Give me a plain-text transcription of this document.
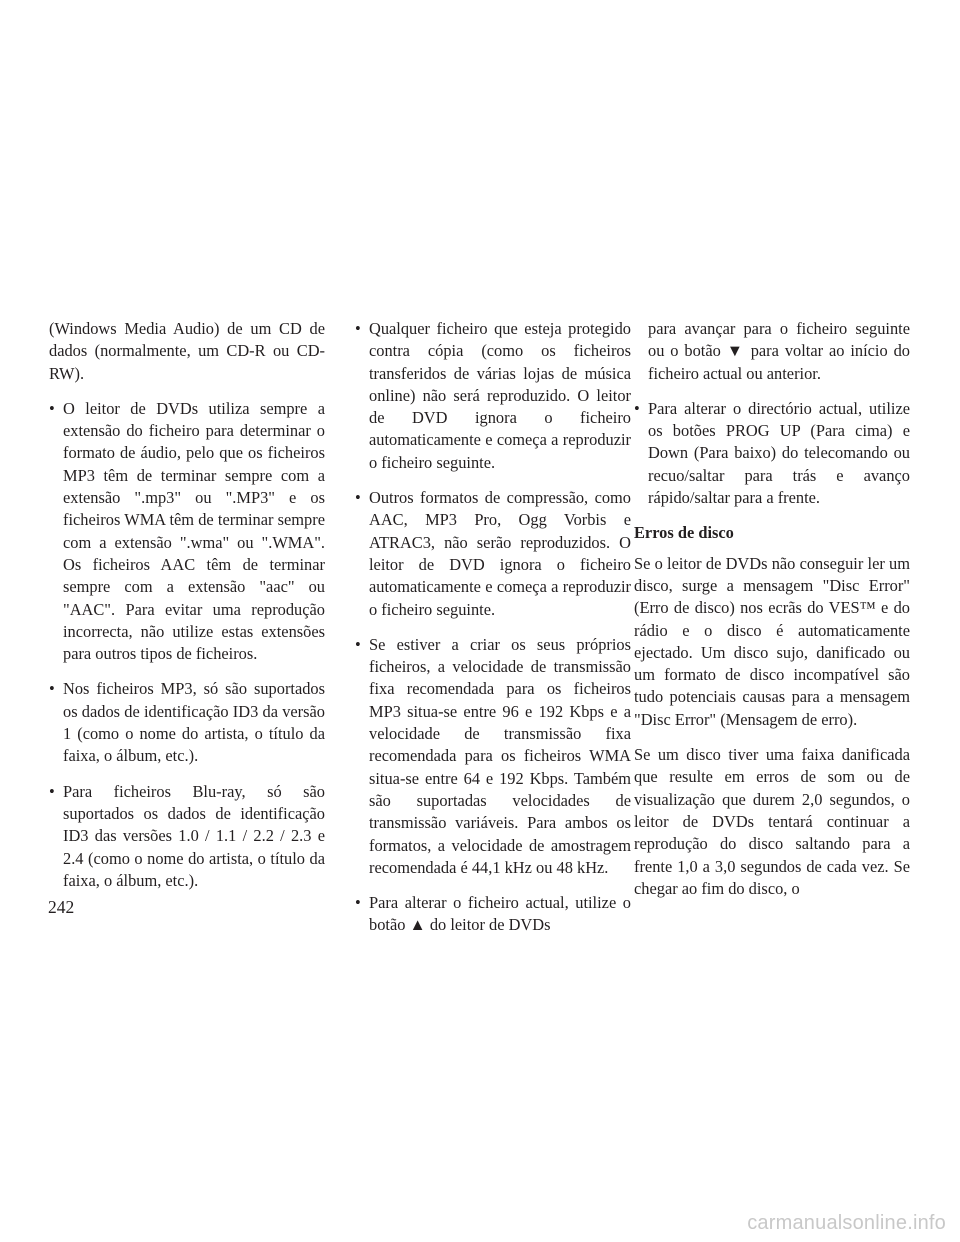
(Windows Media Audio) de um CD de dados (normalmente, um CD-R ou CD-RW).

• O leitor de DVDs utiliza sempre a extensão do ficheiro para determinar o formato de áudio, pelo que os ficheiros MP3 têm de terminar sempre com a extensão ".mp3" ou ".MP3" e os ficheiros WMA têm de terminar sempre com a extensão ".wma" ou ".WMA". Os ficheiros AAC têm de terminar sempre com a extensão "aac" ou "AAC". Para evitar uma reprodução incorrecta, não utilize estas extensões para outros tipos de ficheiros.
• Nos ficheiros MP3, só são suportados os dados de identificação ID3 da versão 1 (como o nome do artista, o título da faixa, o álbum, etc.).
• Para ficheiros Blu-ray, só são suportados os dados de identificação ID3 das versões 1.0 / 1.1 / 2.2 / 2.3 e 2.4 (como o nome do artista, o título da faixa, o álbum, etc.).
• Qualquer ficheiro que esteja protegido contra cópia (como os ficheiros transferidos de várias lojas de música online) não será reproduzido. O leitor de DVD ignora o ficheiro automaticamente e começa a reproduzir o ficheiro seguinte.
• Outros formatos de compressão, como AAC, MP3 Pro, Ogg Vorbis e ATRAC3, não serão reproduzidos. O leitor de DVD ignora o ficheiro automaticamente e começa a reproduzir o ficheiro seguinte.
• Se estiver a criar os seus próprios ficheiros, a velocidade de transmissão fixa recomendada para os ficheiros MP3 situa-se entre 96 e 192 Kbps e a velocidade de transmissão fixa recomendada para os ficheiros WMA situa-se entre 64 e 192 Kbps. Também são suportadas velocidades de transmissão variáveis. Para ambos os formatos, a velocidade de amostragem recomendada é 44,1 kHz ou 48 kHz.
• Para alterar o ficheiro actual, utilize o botão ▲ do leitor de DVDs
para avançar para o ficheiro seguinte ou o botão ▼ para voltar ao início do ficheiro actual ou anterior.
• Para alterar o directório actual, utilize os botões PROG UP (Para cima) e Down (Para baixo) do telecomando ou recuo/saltar para trás e avanço rápido/saltar para a frente.
Erros de disco

Se o leitor de DVDs não conseguir ler um disco, surge a mensagem "Disc Error" (Erro de disco) nos ecrãs do VES™ e do rádio e o disco é automaticamente ejectado. Um disco sujo, danificado ou um formato de disco incompatível são tudo potenciais causas para a mensagem "Disc Error" (Mensagem de erro).

Se um disco tiver uma faixa danificada que resulte em erros de som ou de visualização que durem 2,0 segundos, o leitor de DVDs tentará continuar a reprodução do disco saltando para a frente 1,0 a 3,0 segundos de cada vez. Se chegar ao fim do disco, o

242
carmanualsonline.info
